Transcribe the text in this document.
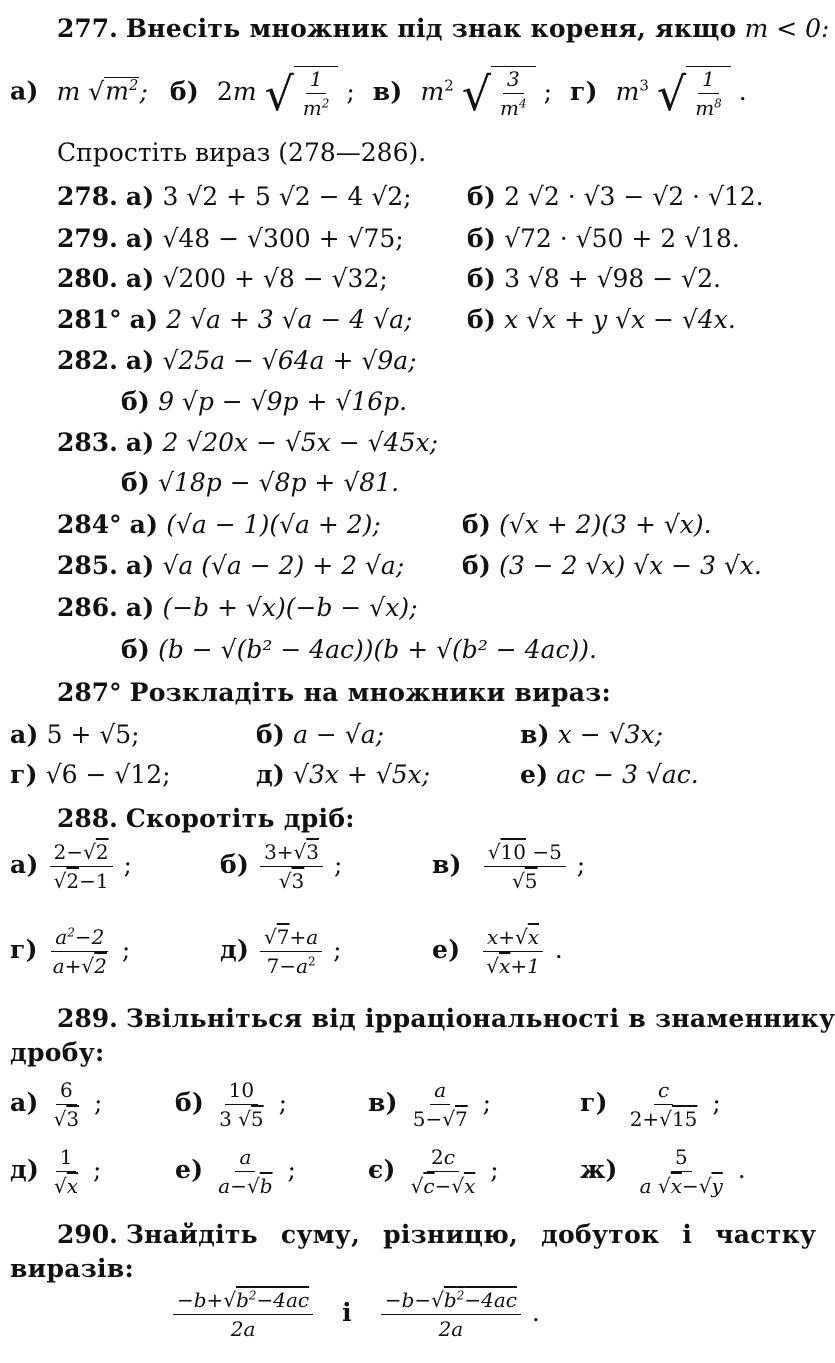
277. Внесіть множник під знак кореня, якщо m < 0:
а) m $√m^2$; б) 2m √ $\frac{1}{m^2}$ ; в) $m^2$ √ $\frac{3}{m^4}$ ; г) $m^3$ √ $\frac{1}{m^8}$ .
Спростіть вираз (278—286).
278. а) 3 √2 + 5 √2 − 4 √2; б) 2 √2 · √3 − √2 · √12.
279. а) √48 − √300 + √75;	б) √72 · √50 + 2 √18.
280. а) √200 + √8 − √32;	б) 3 √8 + √98 − √2.
281° а) 2 √a + 3 √a − 4 √a; б) x √x + y √x − √4x.
282. а) √25a − √64a + √9a;
б) 9 √p − √9p + √16p.
283. а) 2 √20x − √5x − √45x;
б) √18p − √8p + √81.
284° а) (√a − 1)(√a + 2);	б) (√x + 2)(3 + √x).
285. а) √a (√a − 2) + 2 √a; б) (3 − 2 √x) √x − 3 √x.
286. а) (−b + √x)(−b − √x);
б) (b − √(b² − 4ac))(b + √(b² − 4ac)).
287° Розкладіть на множники вираз:
а) 5 + √5;	б) a − √a;	в) x − √3x;
г) √6 − √12;	д) √3x + √5x;	е) ac − 3 √ac.
288. Скоротіть дріб:
$а) \frac{2-√2}{√2-1}$ ;	$б) \frac{3+√3}{√3}$ ;	$в) \frac{√10 -5}{√5}$ ;
$г) \frac{a^2-2}{a+√2}$ ;	$д) \frac{√7+a}{7-a^2}$ ;	$е) \frac{x+√x}{√x+1}$ .
289. Звільніться від ірраціональності в знаменнику
дробу:
$а) \frac{6}{√3}$ ;	$б) \frac{10}{3 √5}$ ;	$в) \frac{a}{5-√7}$ ;	$г) \frac{c}{2+√15}$ ;
$д) \frac{1}{√x}$ ;	$е) \frac{a}{a-√b}$ ;	$є) \frac{2c}{√c-√x}$ ;	$ж) \frac{5}{a √x-√y}$ .
290. Знайдіть суму, різницю, добуток і частку
виразів:
$\frac{-b+√b^2-4ac}{2a}$ і $\frac{-b-√b^2-4ac}{2a}$ .
